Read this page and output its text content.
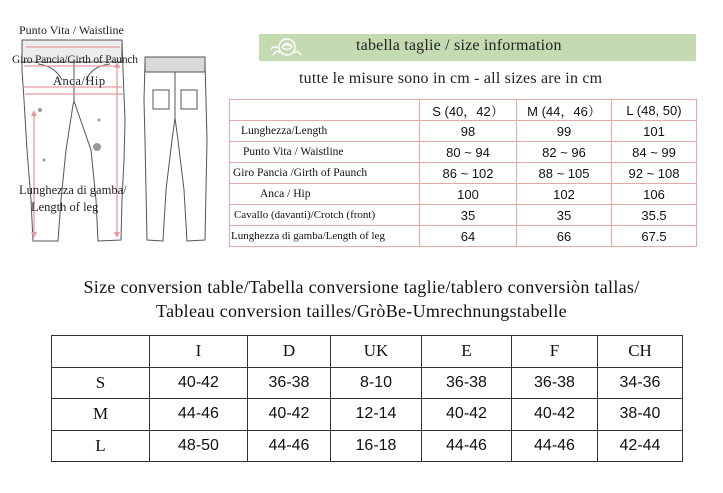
Punto Vita / Waistline
Giro Pancia/Girth of Paunch
Anca/Hip
Lunghezza di gamba/
Length of leg
tabella taglie / size information
tutte le misure sono in cm - all sizes are in cm
	S (40，42）	M (44，46）	L (48, 50)
Lunghezza/Length	98	99	101
Punto Vita / Waistline	80 ~ 94	82 ~ 96	84 ~ 99
Giro Pancia /Girth of Paunch	86 ~ 102	88 ~ 105	92 ~ 108
Anca / Hip	100	102	106
Cavallo (davanti)/Crotch (front)	35	35	35.5
Lunghezza di gamba/Length of leg	64	66	67.5
Size conversion table/Tabella conversione taglie/tablero conversiòn tallas/
Tableau conversion tailles/GròBe-Umrechnungstabelle
	I	D	UK	E	F	CH
S	40-42	36-38	8-10	36-38	36-38	34-36
M	44-46	40-42	12-14	40-42	40-42	38-40
L	48-50	44-46	16-18	44-46	44-46	42-44
